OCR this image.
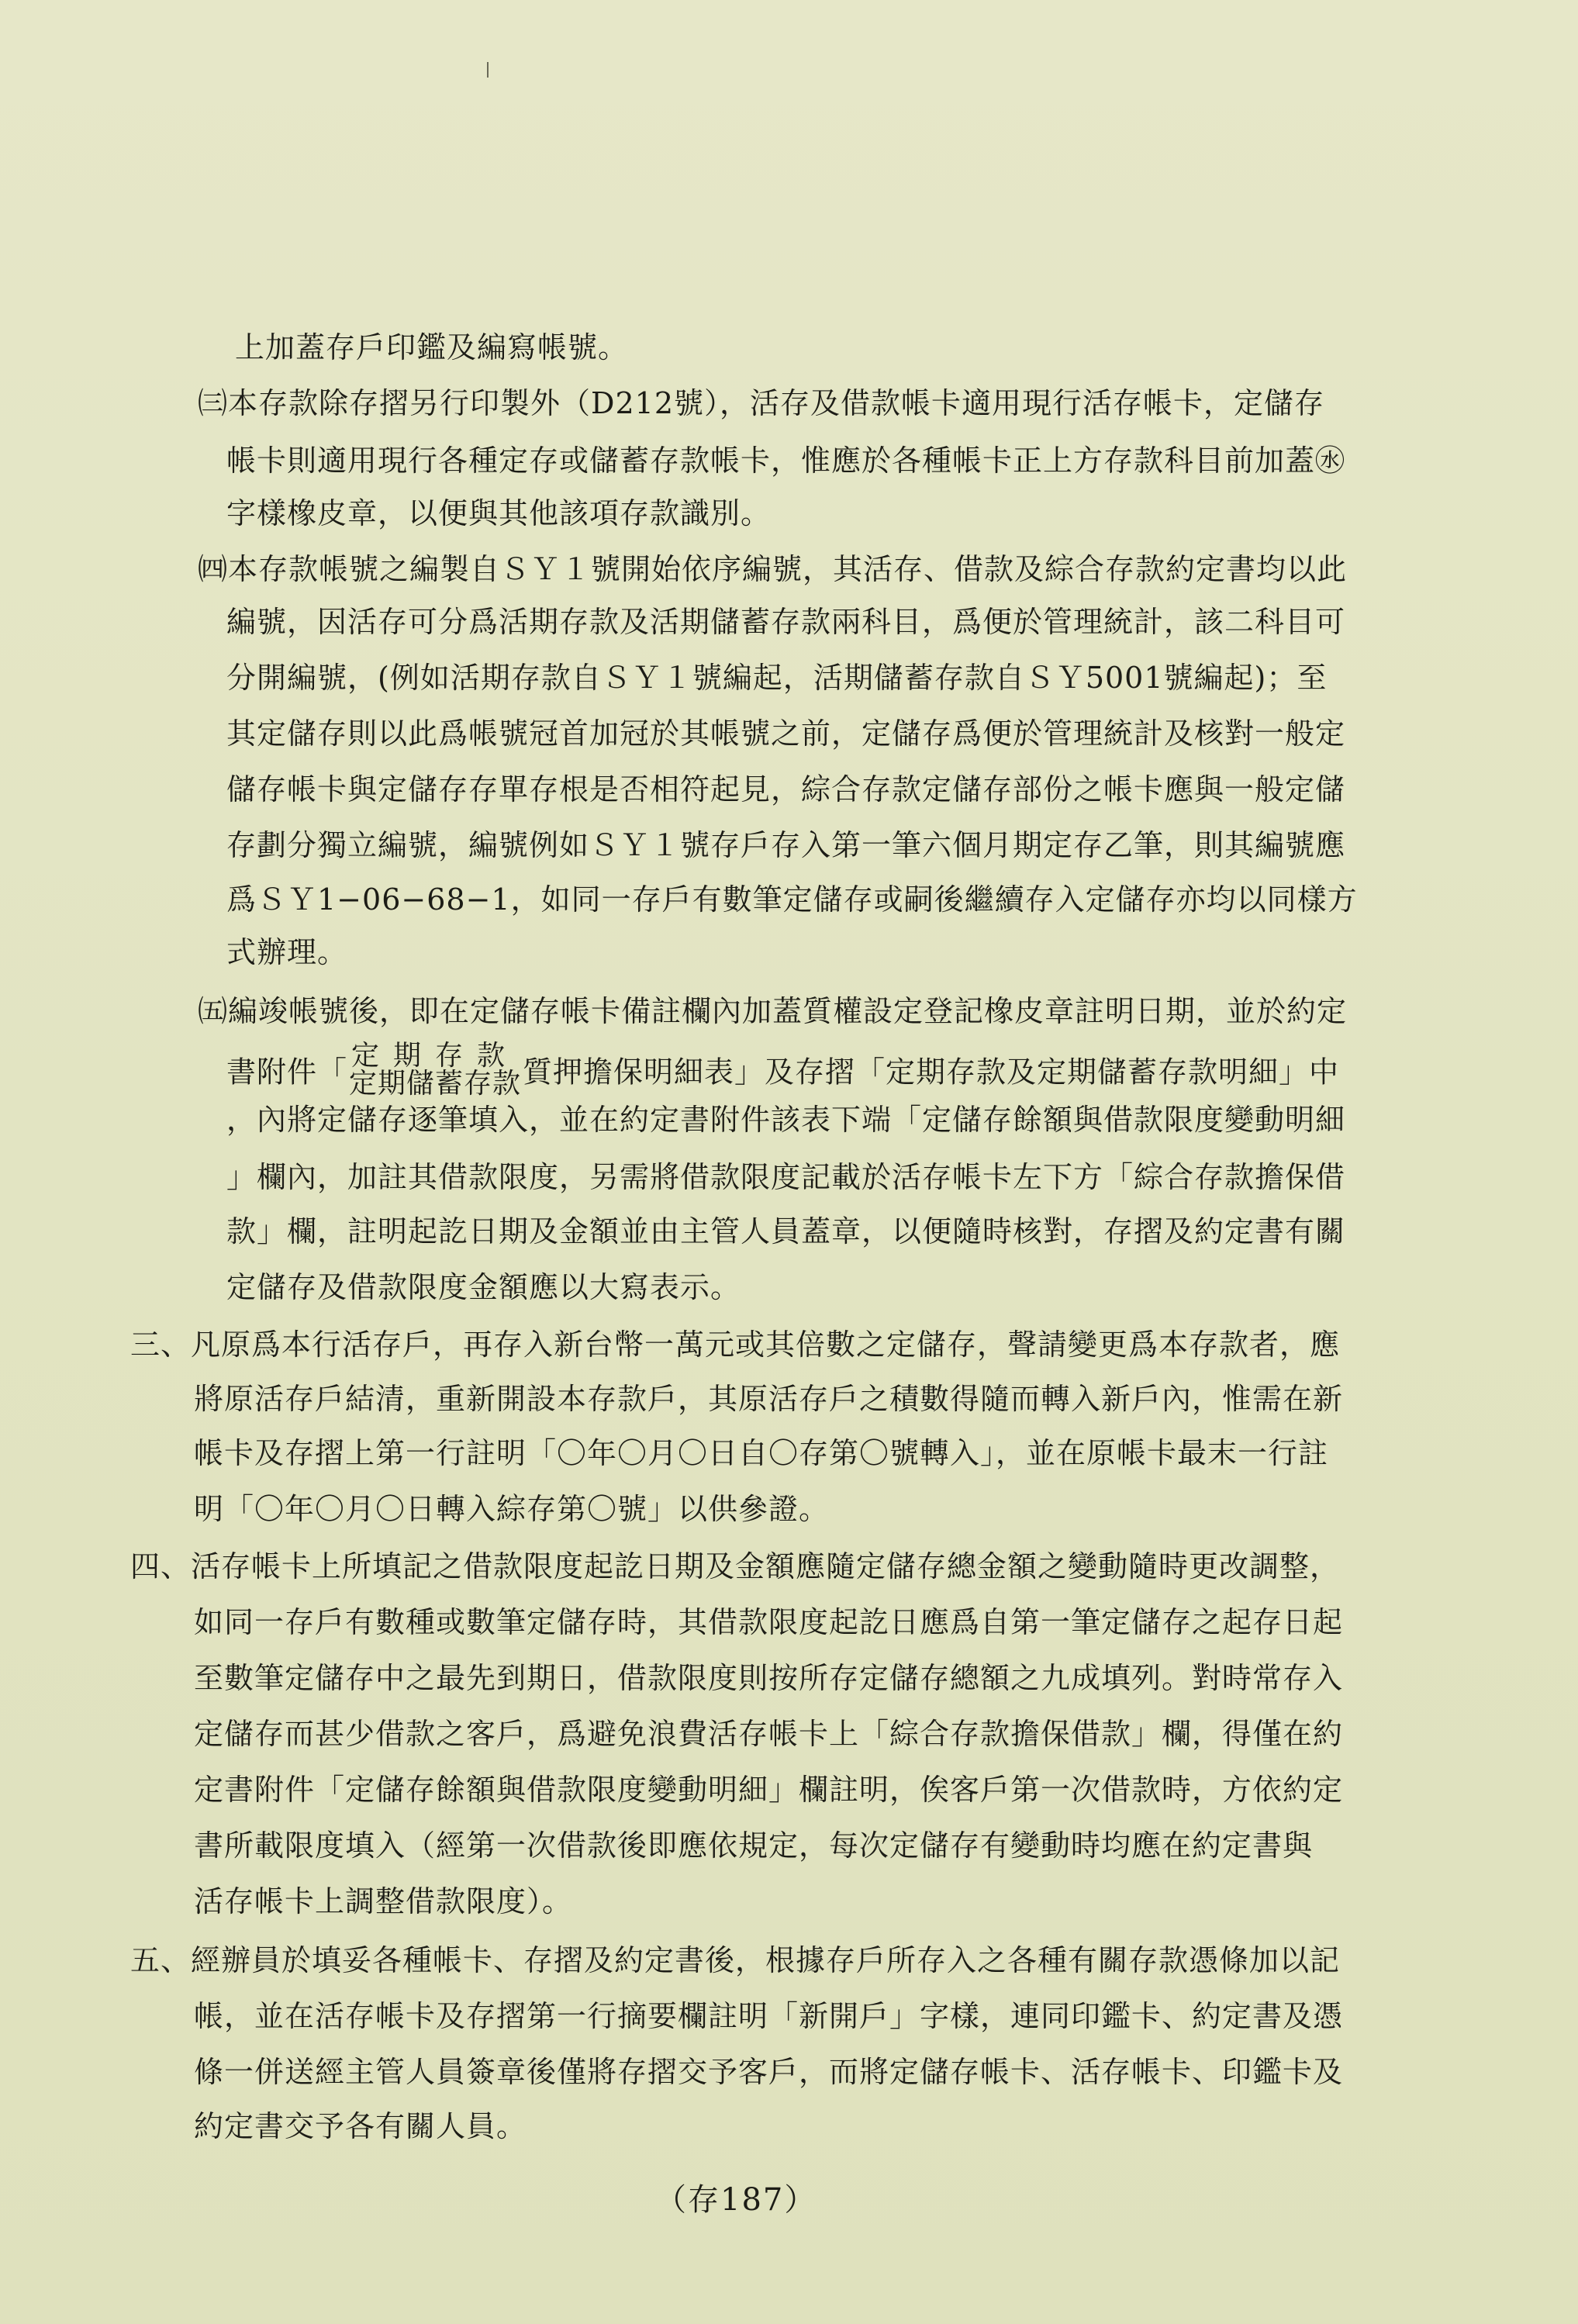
上加蓋存戶印鑑及編寫帳號。
㈢本存款除存摺另行印製外（D212號），活存及借款帳卡適用現行活存帳卡，定儲存
帳卡則適用現行各種定存或儲蓄存款帳卡，惟應於各種帳卡正上方存款科目前加蓋㊌
字樣橡皮章，以便與其他該項存款識別。
㈣本存款帳號之編製自ＳＹ１號開始依序編號，其活存、借款及綜合存款約定書均以此
編號，因活存可分爲活期存款及活期儲蓄存款兩科目，爲便於管理統計，該二科目可
分開編號，(例如活期存款自ＳＹ１號編起，活期儲蓄存款自ＳＹ5001號編起)；至
其定儲存則以此爲帳號冠首加冠於其帳號之前，定儲存爲便於管理統計及核對一般定
儲存帳卡與定儲存存單存根是否相符起見，綜合存款定儲存部份之帳卡應與一般定儲
存劃分獨立編號，編號例如ＳＹ１號存戶存入第一筆六個月期定存乙筆，則其編號應
爲ＳＹ1−06−68−1，如同一存戶有數筆定儲存或嗣後繼續存入定儲存亦均以同樣方
式辦理。
㈤編竣帳號後，即在定儲存帳卡備註欄內加蓋質權設定登記橡皮章註明日期，並於約定
書附件「 定期存款
定期儲蓄存款 質押擔保明細表」及存摺「定期存款及定期儲蓄存款明細」中
，內將定儲存逐筆填入，並在約定書附件該表下端「定儲存餘額與借款限度變動明細
」欄內，加註其借款限度，另需將借款限度記載於活存帳卡左下方「綜合存款擔保借
款」欄，註明起訖日期及金額並由主管人員蓋章，以便隨時核對，存摺及約定書有關
定儲存及借款限度金額應以大寫表示。
三、凡原爲本行活存戶，再存入新台幣一萬元或其倍數之定儲存，聲請變更爲本存款者，應
將原活存戶結清，重新開設本存款戶，其原活存戶之積數得隨而轉入新戶內，惟需在新
帳卡及存摺上第一行註明「〇年〇月〇日自〇存第〇號轉入」，並在原帳卡最末一行註
明「〇年〇月〇日轉入綜存第〇號」以供參證。
四、活存帳卡上所填記之借款限度起訖日期及金額應隨定儲存總金額之變動隨時更改調整，
如同一存戶有數種或數筆定儲存時，其借款限度起訖日應爲自第一筆定儲存之起存日起
至數筆定儲存中之最先到期日，借款限度則按所存定儲存總額之九成填列。對時常存入
定儲存而甚少借款之客戶，爲避免浪費活存帳卡上「綜合存款擔保借款」欄，得僅在約
定書附件「定儲存餘額與借款限度變動明細」欄註明，俟客戶第一次借款時，方依約定
書所載限度填入（經第一次借款後即應依規定，每次定儲存有變動時均應在約定書與
活存帳卡上調整借款限度）。
五、經辦員於填妥各種帳卡、存摺及約定書後，根據存戶所存入之各種有關存款憑條加以記
帳，並在活存帳卡及存摺第一行摘要欄註明「新開戶」字樣，連同印鑑卡、約定書及憑
條一併送經主管人員簽章後僅將存摺交予客戶，而將定儲存帳卡、活存帳卡、印鑑卡及
約定書交予各有關人員。
（存187）
